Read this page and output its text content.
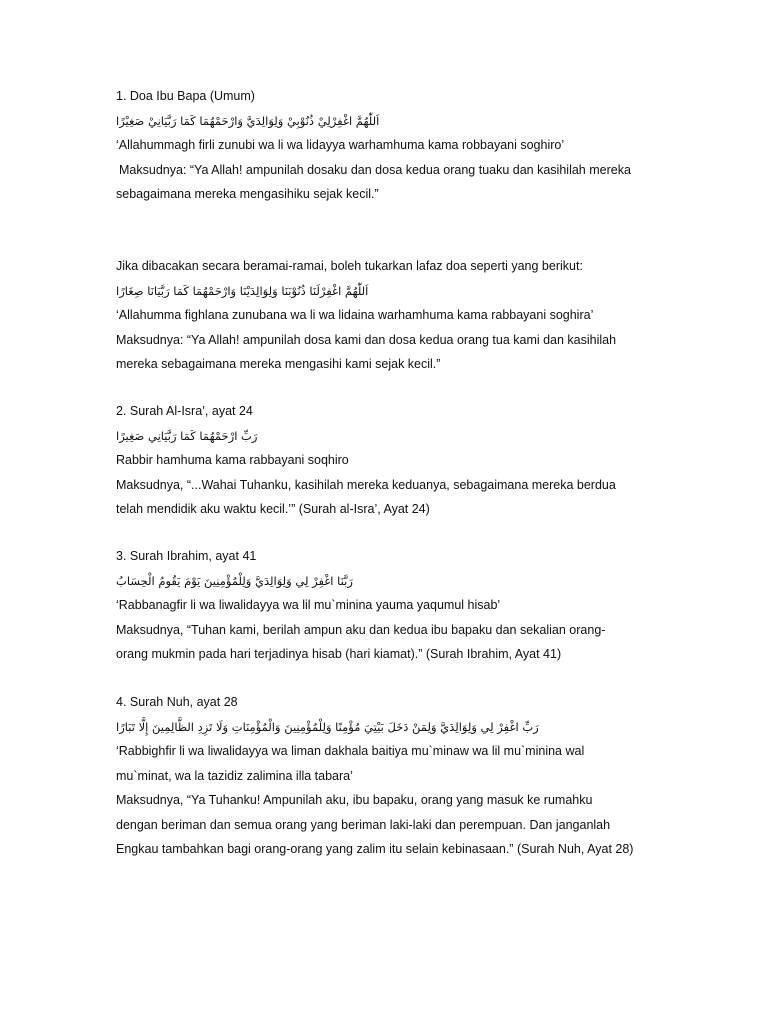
1. Doa Ibu Bapa (Umum)
اَللّٰهُمَّ اغْفِرْلِيْ ذُنُوْبِيْ وَلِوَالِدَيَّ وَارْحَمْهُمَا كَمَا رَبَّيَانِيْ صَغِيْرًا
‘Allahummagh firli zunubi wa li wa lidayya warhamhuma kama robbayani soghiro’
Maksudnya: “Ya Allah! ampunilah dosaku dan dosa kedua orang tuaku dan kasihilah mereka
sebagaimana mereka mengasihiku sejak kecil.”
Jika dibacakan secara beramai-ramai, boleh tukarkan lafaz doa seperti yang berikut:
اَللّٰهُمَّ اغْفِرْلَنَا ذُنُوْبَنَا وَلِوَالِدَيْنَا وَارْحَمْهُمَا كَمَا رَبَّيَانَا صِغَارًا
‘Allahumma fighlana zunubana wa li wa lidaina warhamhuma kama rabbayani soghira’
Maksudnya: “Ya Allah! ampunilah dosa kami dan dosa kedua orang tua kami dan kasihilah
mereka sebagaimana mereka mengasihi kami sejak kecil.”
2. Surah Al-Isra’, ayat 24
رَبِّ ارْحَمْهُمَا كَمَا رَبَّيَانِي صَغِيرًا
Rabbir hamhuma kama rabbayani soqhiro
Maksudnya, “...Wahai Tuhanku, kasihilah mereka keduanya, sebagaimana mereka berdua
telah mendidik aku waktu kecil.’” (Surah al-Isra’, Ayat 24)
3. Surah Ibrahim, ayat 41
رَبَّنَا اغْفِرْ لِي وَلِوَالِدَيَّ وَلِلْمُؤْمِنِينَ يَوْمَ يَقُومُ الْحِسَابُ
‘Rabbanagfir li wa liwalidayya wa lil mu`minina yauma yaqumul hisab’
Maksudnya, “Tuhan kami, berilah ampun aku dan kedua ibu bapaku dan sekalian orang-
orang mukmin pada hari terjadinya hisab (hari kiamat).” (Surah Ibrahim, Ayat 41)
4. Surah Nuh, ayat 28
رَبِّ اغْفِرْ لِي وَلِوَالِدَيَّ وَلِمَنْ دَخَلَ بَيْتِيَ مُؤْمِنًا وَلِلْمُؤْمِنِينَ وَالْمُؤْمِنَاتِ وَلَا تَزِدِ الظَّالِمِينَ إِلَّا تَبَارًا
‘Rabbighfir li wa liwalidayya wa liman dakhala baitiya mu`minaw wa lil mu`minina wal
mu`minat, wa la tazidiz zalimina illa tabara’
Maksudnya, “Ya Tuhanku! Ampunilah aku, ibu bapaku, orang yang masuk ke rumahku
dengan beriman dan semua orang yang beriman laki-laki dan perempuan. Dan janganlah
Engkau tambahkan bagi orang-orang yang zalim itu selain kebinasaan.” (Surah Nuh, Ayat 28)
